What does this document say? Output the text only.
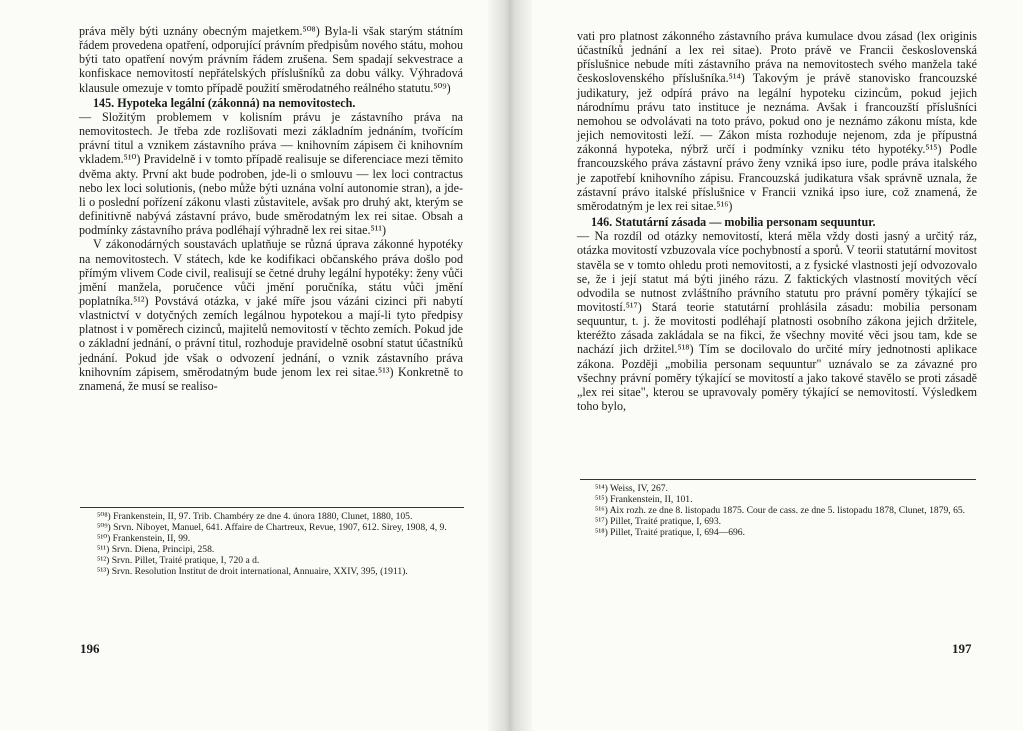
práva měly býti uznány obecným majetkem.⁵⁰⁸) Byla-li však starým státním řádem provedena opatření, odporující právním předpisům nového státu, mohou býti tato opatření novým právním řádem zrušena. Sem spadají sekvestrace a konfiskace nemovitostí nepřátelských příslušníků za dobu války. Výhradová klausule omezuje v tomto případě použití směrodatného reálného statutu.⁵⁰⁹)

145. Hypoteka legální (zákonná) na nemovitostech.

— Složitým problemem v kolisním právu je zástavního práva na nemovitostech. Je třeba zde rozlišovati mezi základním jednáním, tvořícím právní titul a vznikem zástavního práva — knihovním zápisem či knihovním vkladem.⁵¹⁰) Pravidelně i v tomto případě realisuje se diferenciace mezi těmito dvěma akty. První akt bude podroben, jde-li o smlouvu — lex loci contractus nebo lex loci solutionis, (nebo může býti uznána volní autonomie stran), a jde-li o poslední pořízení zákonu vlasti zůstavitele, avšak pro druhý akt, kterým se definitivně nabývá zástavní právo, bude směrodatným lex rei sitae. Obsah a podmínky zástavního práva podléhají výhradně lex rei sitae.⁵¹¹)

V zákonodárných soustavách uplatňuje se různá úprava zákonné hypotéky na nemovitostech. V státech, kde ke kodifikaci občanského práva došlo pod přímým vlivem Code civil, realisují se četné druhy legální hypotéky: ženy vůči jmění manžela, poručence vůči jmění poručníka, státu vůči jmění poplatníka.⁵¹²) Povstává otázka, v jaké míře jsou vázáni cizinci při nabytí vlastnictví v dotyčných zemích legálnou hypotekou a mají-li tyto předpisy platnost i v poměrech cizinců, majitelů nemovitostí v těchto zemích. Pokud jde o základní jednání, o právní titul, rozhoduje pravidelně osobní statut účastníků jednání. Pokud jde však o odvození jednání, o vznik zástavního práva knihovním zápisem, směrodatným bude jenom lex rei sitae.⁵¹³) Konkretně to znamená, že musí se realiso-

⁵⁰⁸) Frankenstein, II, 97. Trib. Chambéry ze dne 4. února 1880, Clunet, 1880, 105.
⁵⁰⁹) Srvn. Niboyet, Manuel, 641. Affaire de Chartreux, Revue, 1907, 612. Sirey, 1908, 4, 9.
⁵¹⁰) Frankenstein, II, 99.
⁵¹¹) Srvn. Diena, Principi, 258.
⁵¹²) Srvn. Pillet, Traité pratique, I, 720 a d.
⁵¹³) Srvn. Resolution Institut de droit international, Annuaire, XXIV, 395, (1911).
196

vati pro platnost zákonného zástavního práva kumulace dvou zásad (lex originis účastníků jednání a lex rei sitae). Proto právě ve Francii československá příslušnice nebude míti zástavního práva na nemovitostech svého manžela také československého příslušníka.⁵¹⁴) Takovým je právě stanovisko francouzské judikatury, jež odpírá právo na legální hypoteku cizincům, pokud jejich národnímu právu tato instituce je neznáma. Avšak i francouzští příslušníci nemohou se odvolávati na toto právo, pokud ono je neznámo zákonu místa, kde jejich nemovitosti leží. — Zákon místa rozhoduje nejenom, zda je přípustná zákonná hypoteka, nýbrž určí i podmínky vzniku této hypotéky.⁵¹⁵) Podle francouzského práva zástavní právo ženy vzniká ipso iure, podle práva italského je zapotřebí knihovního zápisu. Francouzská judikatura však správně uznala, že zástavní právo italské příslušnice v Francii vzniká ipso iure, což znamená, že směrodatným je lex rei sitae.⁵¹⁶)

146. Statutární zásada — mobilia personam sequuntur.

— Na rozdíl od otázky nemovitostí, která měla vždy dosti jasný a určitý ráz, otázka movitostí vzbuzovala více pochybností a sporů. V teorii statutární movitost stavěla se v tomto ohledu proti nemovitosti, a z fysické vlastnosti její odvozovalo se, že i její statut má býti jiného rázu. Z faktických vlastností movitých věcí odvodila se nutnost zvláštního právního statutu pro právní poměry týkající se movitostí.⁵¹⁷) Stará teorie statutární prohlásila zásadu: mobilia personam sequuntur, t. j. že movitosti podléhají platnosti osobního zákona jejich držitele, kteréžto zásada zakládala se na fikci, že všechny movité věci jsou tam, kde se nachází jich držitel.⁵¹⁸) Tím se docilovalo do určité míry jednotnosti aplikace zákona. Později „mobilia personam sequuntur" uznávalo se za závazné pro všechny právní poměry týkající se movitostí a jako takové stavělo se proti zásadě „lex rei sitae", kterou se upravovaly poměry týkající se nemovitostí. Výsledkem toho bylo,

⁵¹⁴) Weiss, IV, 267.
⁵¹⁵) Frankenstein, II, 101.
⁵¹⁶) Aix rozh. ze dne 8. listopadu 1875. Cour de cass. ze dne 5. listopadu 1878, Clunet, 1879, 65.
⁵¹⁷) Pillet, Traité pratique, I, 693.
⁵¹⁸) Pillet, Traité pratique, I, 694—696.
197
